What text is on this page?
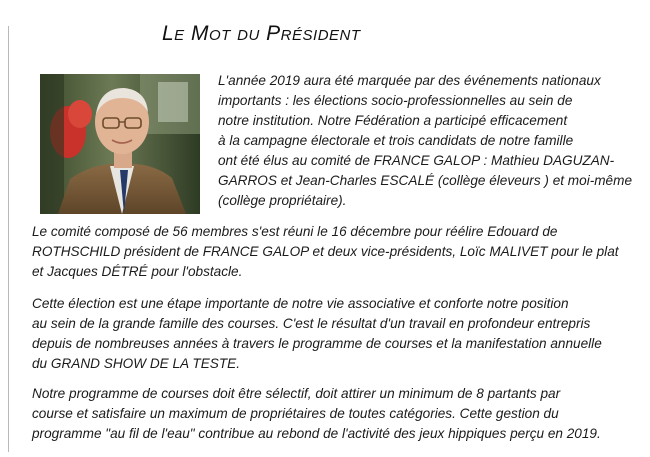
Le Mot du Président

L'année 2019 aura été marquée par des événements nationaux
importants : les élections socio-professionnelles au sein de
notre institution. Notre Fédération a participé efficacement
à la campagne électorale et trois candidats de notre famille
ont été élus au comité de FRANCE GALOP : Mathieu DAGUZAN-
GARROS et Jean-Charles ESCALÉ (collège éleveurs ) et moi-même
(collège propriétaire).

Le comité composé de 56 membres s'est réuni le 16 décembre pour réélire Edouard de
ROTHSCHILD président de FRANCE GALOP et deux vice-présidents, Loïc MALIVET pour le plat
et Jacques DÉTRÉ pour l'obstacle.

Cette élection est une étape importante de notre vie associative et conforte notre position
au sein de la grande famille des courses. C'est le résultat d'un travail en profondeur entrepris
depuis de nombreuses années à travers le programme de courses et la manifestation annuelle
du GRAND SHOW DE LA TESTE.

Notre programme de courses doit être sélectif, doit attirer un minimum de 8 partants par
course et satisfaire un maximum de propriétaires de toutes catégories. Cette gestion du
programme "au fil de l'eau" contribue au rebond de l'activité des jeux hippiques perçu en 2019.
